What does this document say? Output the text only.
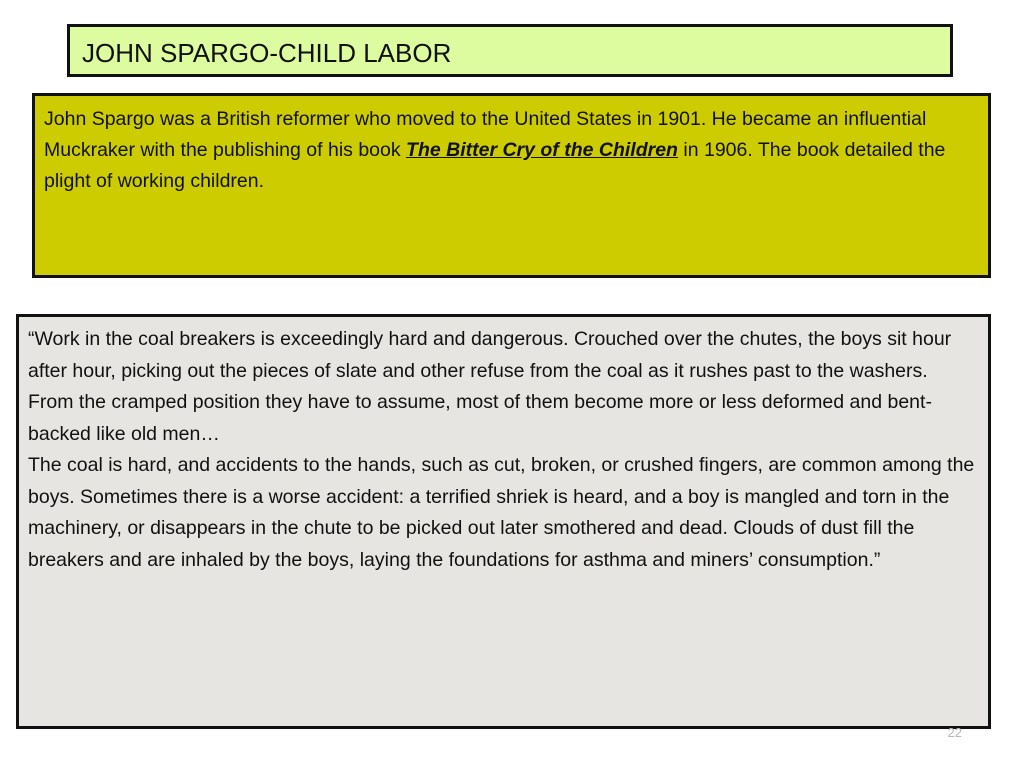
JOHN SPARGO-CHILD LABOR
John Spargo was a British reformer who moved to the United States in 1901. He became an influential Muckraker with the publishing of his book The Bitter Cry of the Children in 1906. The book detailed the plight of working children.

“Work in the coal breakers is exceedingly hard and dangerous. Crouched over the chutes, the boys sit hour after hour, picking out the pieces of slate and other refuse from the coal as it rushes past to the washers. From the cramped position they have to assume, most of them become more or less deformed and bent-backed like old men…

The coal is hard, and accidents to the hands, such as cut, broken, or crushed fingers, are common among the boys. Sometimes there is a worse accident: a terrified shriek is heard, and a boy is mangled and torn in the machinery, or disappears in the chute to be picked out later smothered and dead. Clouds of dust fill the breakers and are inhaled by the boys, laying the foundations for asthma and miners’ consumption.”

22
